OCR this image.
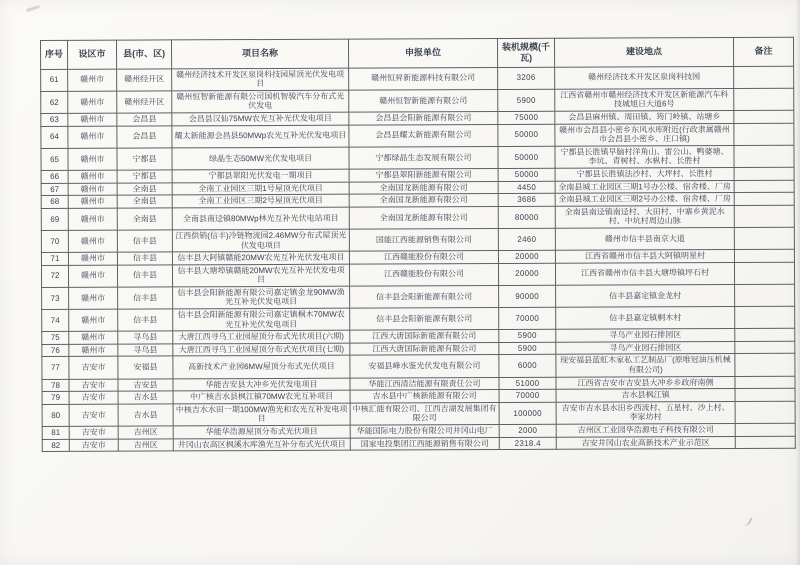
序号	设区市	县(市、区)	项目名称	申报单位	装机规模(千瓦)	建设地点	备注
61	赣州市	赣州经开区	赣州经济技术开发区泉岗科技园屋顶光伏发电项目	赣州恒昇新能源科技有限公司	3206	赣州经济技术开发区泉岗科技园	
62	赣州市	赣州经开区	赣州恒智新能源有限公司国机智骏汽车分布式光伏发电	赣州恒智新能源有限公司	5900	江西省赣州市赣州经济技术开发区新能源汽车科技城旭日大道6号	
63	赣州市	会昌县	会昌县汉仙75MW农光互补光伏发电项目	会昌县会阳新能源有限公司	75000	会昌县麻州镇、周田镇、筠门岭镇、站塘乡	
64	赣州市	会昌县	耀太新能源会昌县50MWp农光互补光伏发电项目	会昌县耀太新能源有限公司	50000	赣州市会昌县小密乡东风水库附近(行政隶属赣州市会昌县小密乡、庄口镇)	
65	赣州市	宁都县	绿晶生态50MW光伏发电项目	宁都绿晶生态发展有限公司	50000	宁都县长胜镇早脑村洋角山、雷公山、鸭婆塘、李坑、青树村、水枞村、长胜村	
66	赣州市	宁都县	宁都县翠阳光伏发电一期项目	宁都县翠阳新能源有限公司	50000	宁都县长胜镇法沙村、大坪村、长胜村	
67	赣州市	全南县	全南工业园区三期1号屋顶光伏项目	全南国龙新能源有限公司	4450	全南县城工业园区三期1号办公楼、宿舍楼、厂房	
68	赣州市	全南县	全南工业园区三期2号屋顶光伏项目	全南国龙新能源有限公司	3686	全南县城工业园区三期2号办公楼、宿舍楼、厂房	
69	赣州市	全南县	全南县南迳镇80MWp林光互补光伏电站项目	全南国龙新能源有限公司	80000	全南县南迳镇南迳村、大田村、中寨乡黄泥水村、中坑村周边山脉	
70	赣州市	信丰县	江西供销(信丰)冷链物流园2.46MW分布式屋顶光伏发电项目	国能江西能源销售有限公司	2460	赣州市信丰县南京大道	
71	赣州市	信丰县	信丰县大阿镇赣能20MW农光互补光伏发电项目	江西赣能股份有限公司	20000	江西省赣州市信丰县大阿镇明星村	
72	赣州市	信丰县	信丰县大塘埠镇赣能20MW农光互补光伏发电项目	江西赣能股份有限公司	20000	江西省赣州市信丰县大塘埠镇坪石村	
73	赣州市	信丰县	信丰县会阳新能源有限公司嘉定镇金龙90MW渔光互补光伏发电项目	信丰县会阳新能源有限公司	90000	信丰县嘉定镇金龙村	
74	赣州市	信丰县	信丰县会阳新能源有限公司嘉定镇桐木70MW农光互补光伏发电项目	信丰县会阳新能源有限公司	70000	信丰县嘉定镇桐木村	
75	赣州市	寻乌县	大唐江西寻乌工业园屋顶分布式光伏项目(六期)	江西大唐国际新能源有限公司	5900	寻乌产业园石排园区	
76	赣州市	寻乌县	大唐江西寻乌工业园屋顶分布式光伏项目(七期)	江西大唐国际新能源有限公司	5900	寻乌产业园石排园区	
77	吉安市	安福县	高新技术产业园6MW屋顶分布式光伏项目	安福县峰水鉴光伏发电有限公司	6000	现安福县蓝虹木家私工艺制品厂(原唯冠油压机械有限公司)	
78	吉安市	吉安县	华能吉安县大冲乡光伏发电项目	华能江西清洁能源有限责任公司	51000	江西省吉安市吉安县大冲乡乡政府南侧	
79	吉安市	吉水县	中广核吉水县枫江镇70MW农光互补项目	吉水县中广核新能源有限公司	70000	吉水县枫江镇	
80	吉安市	吉水县	中核吉水水田一期100MW渔光和农光互补发电项目	中核汇能有限公司、江西吉湖发展集团有限公司	100000	吉安市吉水县水田乡西流村、五星村、沙上村、李家坊村	
81	吉安市	吉州区	华能华浩源屋顶分布式光伏项目	华能国际电力股份有限公司井冈山电厂	2000	吉州区工业园华浩源电子科技有限公司	
82	吉安市	吉州区	井冈山农高区枫溪水库渔光互补分布式光伏项目	国家电投集团江西能源销售有限公司	2318.4	吉安井冈山农业高新技术产业示范区	
